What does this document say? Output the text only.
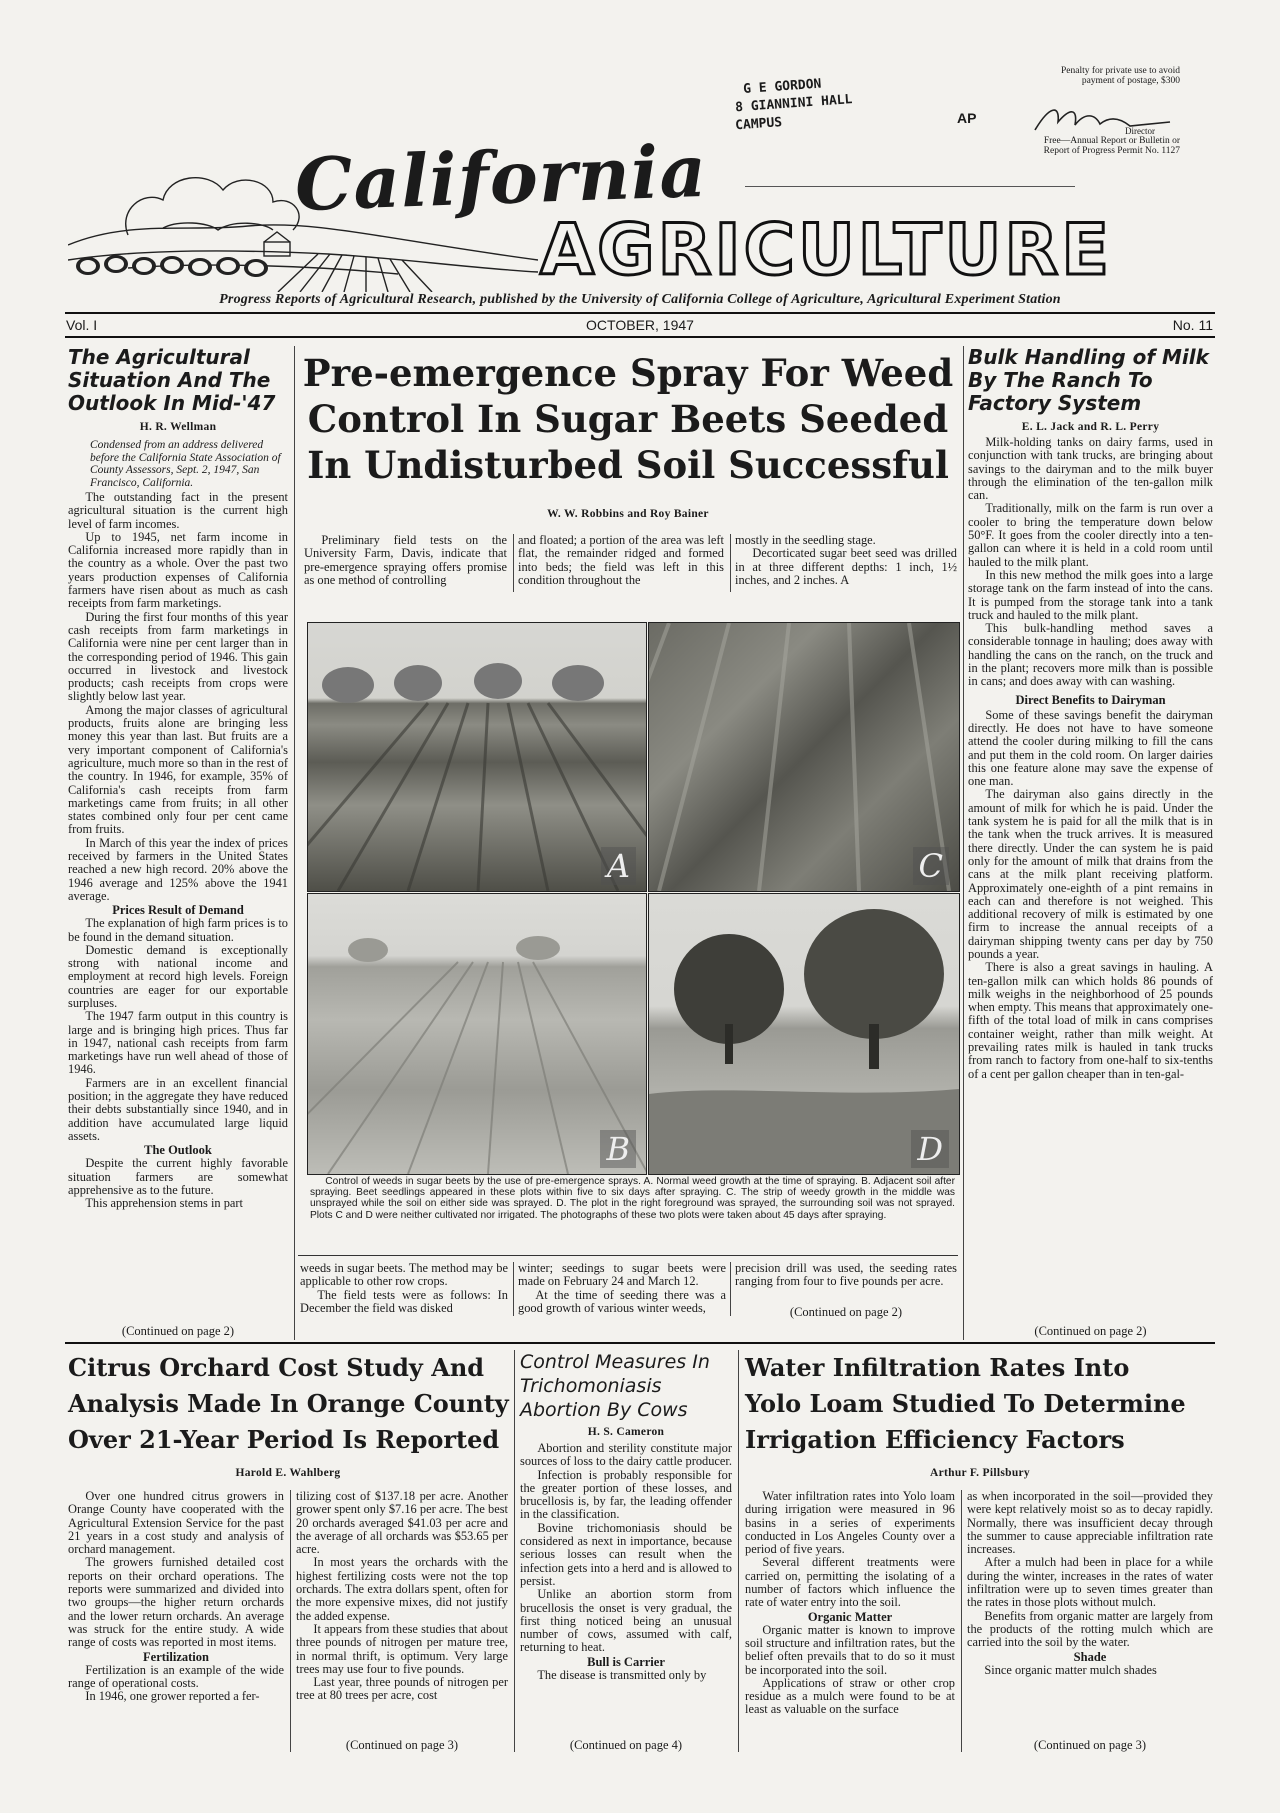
G E GORDON
8 GIANNINI HALL
CAMPUS	AP
Penalty for private use to avoid payment of postage, $300
Director
Free—Annual Report or Bulletin or Report of Progress Permit No. 1127
California
AGRICULTURE
Progress Reports of Agricultural Research, published by the University of California College of Agriculture, Agricultural Experiment Station
Vol. I	OCTOBER, 1947	No. 11
The Agricultural Situation And The Outlook In Mid-'47
H. R. Wellman
Condensed from an address delivered before the California State Association of County Assessors, Sept. 2, 1947, San Francisco, California.

The outstanding fact in the present agricultural situation is the current high level of farm incomes.

Up to 1945, net farm income in California increased more rapidly than in the country as a whole. Over the past two years production expenses of California farmers have risen about as much as cash receipts from farm marketings.

During the first four months of this year cash receipts from farm marketings in California were nine per cent larger than in the corresponding period of 1946. This gain occurred in livestock and livestock products; cash receipts from crops were slightly below last year.

Among the major classes of agricultural products, fruits alone are bringing less money this year than last. But fruits are a very important component of California's agriculture, much more so than in the rest of the country. In 1946, for example, 35% of California's cash receipts from farm marketings came from fruits; in all other states combined only four per cent came from fruits.

In March of this year the index of prices received by farmers in the United States reached a new high record. 20% above the 1946 average and 125% above the 1941 average.

Prices Result of Demand

The explanation of high farm prices is to be found in the demand situation.

Domestic demand is exceptionally strong with national income and employment at record high levels. Foreign countries are eager for our exportable surpluses.

The 1947 farm output in this country is large and is bringing high prices. Thus far in 1947, national cash receipts from farm marketings have run well ahead of those of 1946.

Farmers are in an excellent financial position; in the aggregate they have reduced their debts substantially since 1940, and in addition have accumulated large liquid assets.

The Outlook

Despite the current highly favorable situation farmers are somewhat apprehensive as to the future.

This apprehension stems in part

(Continued on page 2)
Pre-emergence Spray For Weed
Control In Sugar Beets Seeded
In Undisturbed Soil Successful
W. W. Robbins and Roy Bainer
Preliminary field tests on the University Farm, Davis, indicate that pre-emergence spraying offers promise as one method of controlling
and floated; a portion of the area was left flat, the remainder ridged and formed into beds; the field was left in this condition throughout the
mostly in the seedling stage.
Decorticated sugar beet seed was drilled in at three different depths: 1 inch, 1½ inches, and 2 inches. A
A	C
B	D
Control of weeds in sugar beets by the use of pre-emergence sprays. A. Normal weed growth at the time of spraying. B. Adjacent soil after spraying. Beet seedlings appeared in these plots within five to six days after spraying. C. The strip of weedy growth in the middle was unsprayed while the soil on either side was sprayed. D. The plot in the right foreground was sprayed, the surrounding soil was not sprayed. Plots C and D were neither cultivated nor irrigated. The photographs of these two plots were taken about 45 days after spraying.
weeds in sugar beets. The method may be applicable to other row crops.
The field tests were as follows: In December the field was disked
winter; seedings to sugar beets were made on February 24 and March 12.
At the time of seeding there was a good growth of various winter weeds,
precision drill was used, the seeding rates ranging from four to five pounds per acre.
(Continued on page 2)
Bulk Handling of Milk By The Ranch To Factory System
E. L. Jack and R. L. Perry

Milk-holding tanks on dairy farms, used in conjunction with tank trucks, are bringing about savings to the dairyman and to the milk buyer through the elimination of the ten-gallon milk can.

Traditionally, milk on the farm is run over a cooler to bring the temperature down below 50°F. It goes from the cooler directly into a ten-gallon can where it is held in a cold room until hauled to the milk plant.

In this new method the milk goes into a large storage tank on the farm instead of into the cans. It is pumped from the storage tank into a tank truck and hauled to the milk plant.

This bulk-handling method saves a considerable tonnage in hauling; does away with handling the cans on the ranch, on the truck and in the plant; recovers more milk than is possible in cans; and does away with can washing.

Direct Benefits to Dairyman

Some of these savings benefit the dairyman directly. He does not have to have someone attend the cooler during milking to fill the cans and put them in the cold room. On larger dairies this one feature alone may save the expense of one man.

The dairyman also gains directly in the amount of milk for which he is paid. Under the tank system he is paid for all the milk that is in the tank when the truck arrives. It is measured there directly. Under the can system he is paid only for the amount of milk that drains from the cans at the milk plant receiving platform. Approximately one-eighth of a pint remains in each can and therefore is not weighed. This additional recovery of milk is estimated by one firm to increase the annual receipts of a dairyman shipping twenty cans per day by 750 pounds a year.

There is also a great savings in hauling. A ten-gallon milk can which holds 86 pounds of milk weighs in the neighborhood of 25 pounds when empty. This means that approximately one-fifth of the total load of milk in cans comprises container weight, rather than milk weight. At prevailing rates milk is hauled in tank trucks from ranch to factory from one-half to six-tenths of a cent per gallon cheaper than in ten-gal-

(Continued on page 2)
Citrus Orchard Cost Study And
Analysis Made In Orange County
Over 21-Year Period Is Reported
Harold E. Wahlberg

Over one hundred citrus growers in Orange County have cooperated with the Agricultural Extension Service for the past 21 years in a cost study and analysis of orchard management.

The growers furnished detailed cost reports on their orchard operations. The reports were summarized and divided into two groups—the higher return orchards and the lower return orchards. An average was struck for the entire study. A wide range of costs was reported in most items.

Fertilization

Fertilization is an example of the wide range of operational costs.

In 1946, one grower reported a fer-

tilizing cost of $137.18 per acre. Another grower spent only $7.16 per acre. The best 20 orchards averaged $41.03 per acre and the average of all orchards was $53.65 per acre.

In most years the orchards with the highest fertilizing costs were not the top orchards. The extra dollars spent, often for the more expensive mixes, did not justify the added expense.

It appears from these studies that about three pounds of nitrogen per mature tree, in normal thrift, is optimum. Very large trees may use four to five pounds.

Last year, three pounds of nitrogen per tree at 80 trees per acre, cost

(Continued on page 3)
Control Measures In Trichomoniasis Abortion By Cows
H. S. Cameron

Abortion and sterility constitute major sources of loss to the dairy cattle producer.

Infection is probably responsible for the greater portion of these losses, and brucellosis is, by far, the leading offender in the classification.

Bovine trichomoniasis should be considered as next in importance, because serious losses can result when the infection gets into a herd and is allowed to persist.

Unlike an abortion storm from brucellosis the onset is very gradual, the first thing noticed being an unusual number of cows, assumed with calf, returning to heat.

Bull is Carrier

The disease is transmitted only by

(Continued on page 4)
Water Infiltration Rates Into
Yolo Loam Studied To Determine
Irrigation Efficiency Factors
Arthur F. Pillsbury

Water infiltration rates into Yolo loam during irrigation were measured in 96 basins in a series of experiments conducted in Los Angeles County over a period of five years.

Several different treatments were carried on, permitting the isolating of a number of factors which influence the rate of water entry into the soil.

Organic Matter

Organic matter is known to improve soil structure and infiltration rates, but the belief often prevails that to do so it must be incorporated into the soil.

Applications of straw or other crop residue as a mulch were found to be at least as valuable on the surface

as when incorporated in the soil—provided they were kept relatively moist so as to decay rapidly. Normally, there was insufficient decay through the summer to cause appreciable infiltration rate increases.

After a mulch had been in place for a while during the winter, increases in the rates of water infiltration were up to seven times greater than the rates in those plots without mulch.

Benefits from organic matter are largely from the products of the rotting mulch which are carried into the soil by the water.

Shade

Since organic matter mulch shades

(Continued on page 3)
